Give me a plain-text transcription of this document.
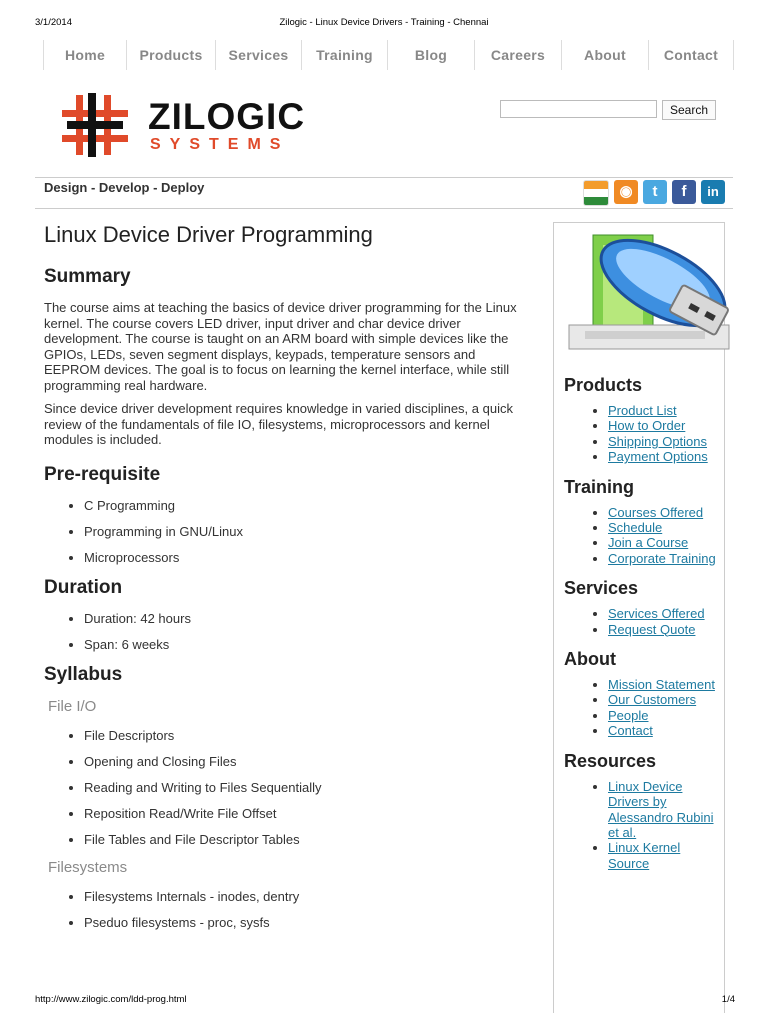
3/1/2014	Zilogic - Linux Device Drivers - Training - Chennai
Home	Products	Services	Training	Blog	Careers	About	Contact
ZILOGIC
SYSTEMS
Search
Design - Develop - Deploy	◉	t	f	in
Linux Device Driver Programming
Summary

The course aims at teaching the basics of device driver programming for the Linux kernel. The course covers LED driver, input driver and char device driver development. The course is taught on an ARM board with simple devices like the GPIOs, LEDs, seven segment displays, keypads, temperature sensors and EEPROM devices. The goal is to focus on learning the kernel interface, while still programming real hardware.

Since device driver development requires knowledge in varied disciplines, a quick review of the fundamentals of file IO, filesystems, microprocessors and kernel modules is included.

Pre-requisite
• C Programming
• Programming in GNU/Linux
• Microprocessors
Duration
• Duration: 42 hours
• Span: 6 weeks
Syllabus
File I/O
• File Descriptors
• Opening and Closing Files
• Reading and Writing to Files Sequentially
• Reposition Read/Write File Offset
• File Tables and File Descriptor Tables
Filesystems
• Filesystems Internals - inodes, dentry
• Pseduo filesystems - proc, sysfs
Products
• Product List
• How to Order
• Shipping Options
• Payment Options
Training
• Courses Offered
• Schedule
• Join a Course
• Corporate Training
Services
• Services Offered
• Request Quote
About
• Mission Statement
• Our Customers
• People
• Contact
Resources
• Linux Device Drivers by Alessandro Rubini et al.
• Linux Kernel Source
http://www.zilogic.com/ldd-prog.html	1/4
